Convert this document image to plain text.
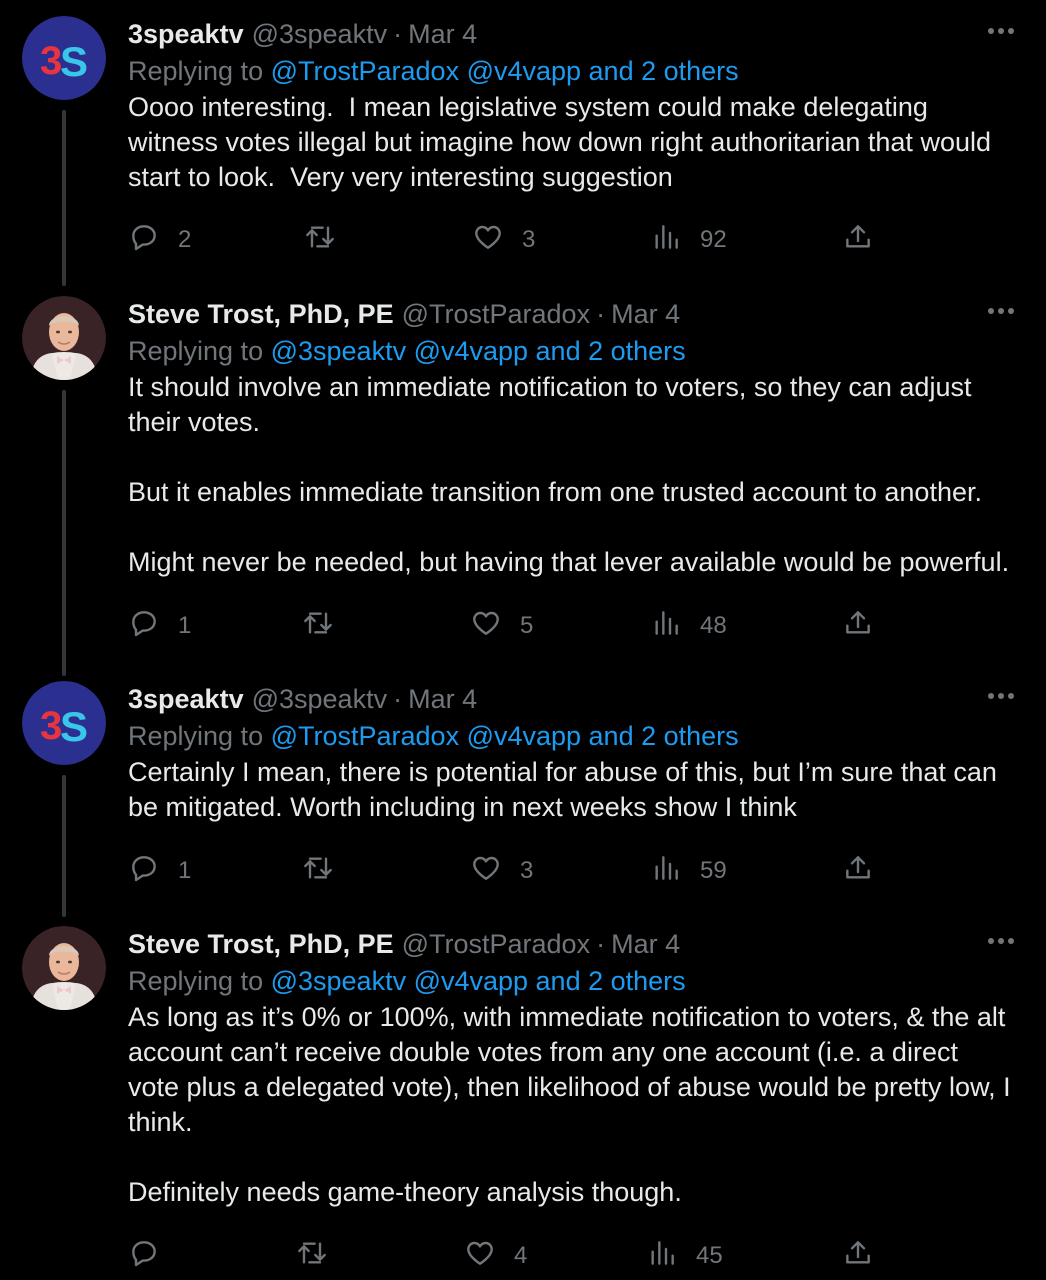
3
S
3speaktv @3speaktv · Mar 4
Replying to @TrostParadox @v4vapp and 2 others
Oooo interesting.  I mean legislative system could make delegating
witness votes illegal but imagine how down right authoritarian that would
start to look.  Very very interesting suggestion
2	3	92
Steve Trost, PhD, PE @TrostParadox · Mar 4
Replying to @3speaktv @v4vapp and 2 others
It should involve an immediate notification to voters, so they can adjust
their votes.

But it enables immediate transition from one trusted account to another.

Might never be needed, but having that lever available would be powerful.
1	5	48
3
S
3speaktv @3speaktv · Mar 4
Replying to @TrostParadox @v4vapp and 2 others
Certainly I mean, there is potential for abuse of this, but I’m sure that can
be mitigated. Worth including in next weeks show I think
1	3	59
Steve Trost, PhD, PE @TrostParadox · Mar 4
Replying to @3speaktv @v4vapp and 2 others
As long as it’s 0% or 100%, with immediate notification to voters, & the alt
account can’t receive double votes from any one account (i.e. a direct
vote plus a delegated vote), then likelihood of abuse would be pretty low, I
think.

Definitely needs game-theory analysis though.
4	45
